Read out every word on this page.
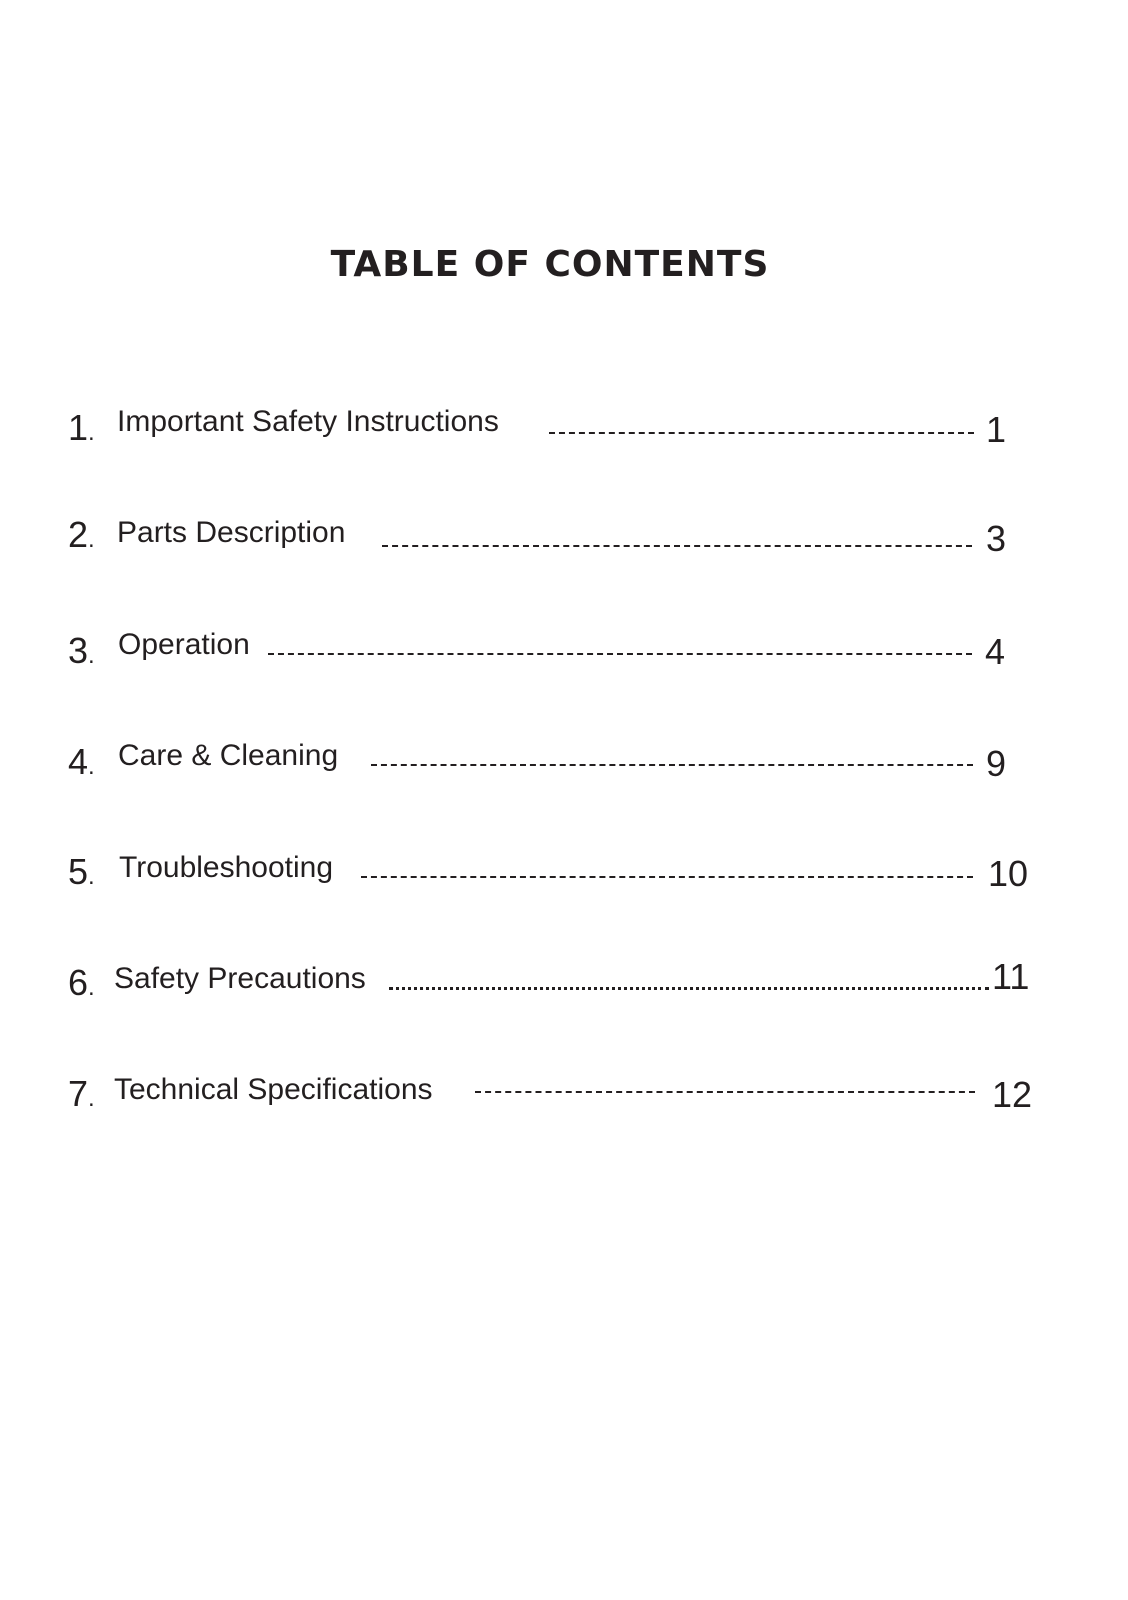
TABLE OF CONTENTS
1. Important Safety Instructions	1
2. Parts Description	3
3. Operation	4
4. Care & Cleaning	9
5. Troubleshooting	10
6. Safety Precautions	11
7. Technical Specifications	12
